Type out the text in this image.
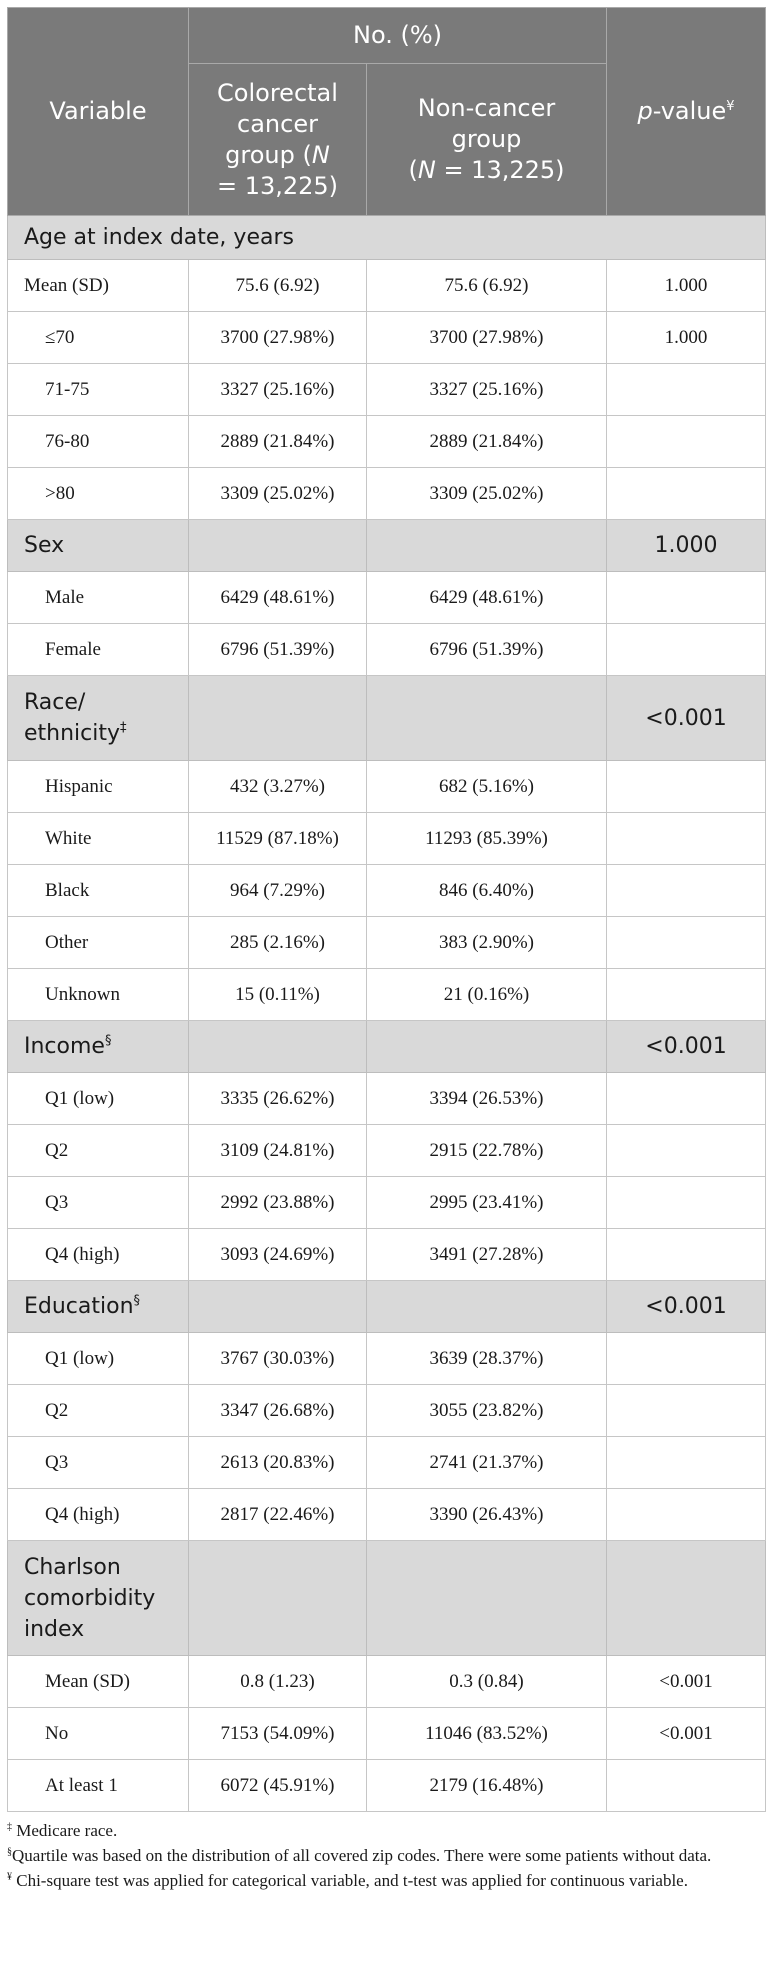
Variable	No. (%)		p-value¥
	Colorectal
cancer
group (N
= 13,225)	Non-cancer
group
(N = 13,225)	
Age at index date, years			
Mean (SD)	75.6 (6.92)	75.6 (6.92)	1.000
≤70	3700 (27.98%)	3700 (27.98%)	1.000
71-75	3327 (25.16%)	3327 (25.16%)	
76-80	2889 (21.84%)	2889 (21.84%)	
>80	3309 (25.02%)	3309 (25.02%)	
Sex			1.000
Male	6429 (48.61%)	6429 (48.61%)	
Female	6796 (51.39%)	6796 (51.39%)	
Race/
ethnicity‡			<0.001
Hispanic	432 (3.27%)	682 (5.16%)	
White	11529 (87.18%)	11293 (85.39%)	
Black	964 (7.29%)	846 (6.40%)	
Other	285 (2.16%)	383 (2.90%)	
Unknown	15 (0.11%)	21 (0.16%)	
Income§			<0.001
Q1 (low)	3335 (26.62%)	3394 (26.53%)	
Q2	3109 (24.81%)	2915 (22.78%)	
Q3	2992 (23.88%)	2995 (23.41%)	
Q4 (high)	3093 (24.69%)	3491 (27.28%)	
Education§			<0.001
Q1 (low)	3767 (30.03%)	3639 (28.37%)	
Q2	3347 (26.68%)	3055 (23.82%)	
Q3	2613 (20.83%)	2741 (21.37%)	
Q4 (high)	2817 (22.46%)	3390 (26.43%)	
Charlson
comorbidity
index			
Mean (SD)	0.8 (1.23)	0.3 (0.84)	<0.001
No	7153 (54.09%)	11046 (83.52%)	<0.001
At least 1	6072 (45.91%)	2179 (16.48%)	

‡ Medicare race.

§Quartile was based on the distribution of all covered zip codes. There were some patients without data.

¥ Chi-square test was applied for categorical variable, and t-test was applied for continuous variable.
